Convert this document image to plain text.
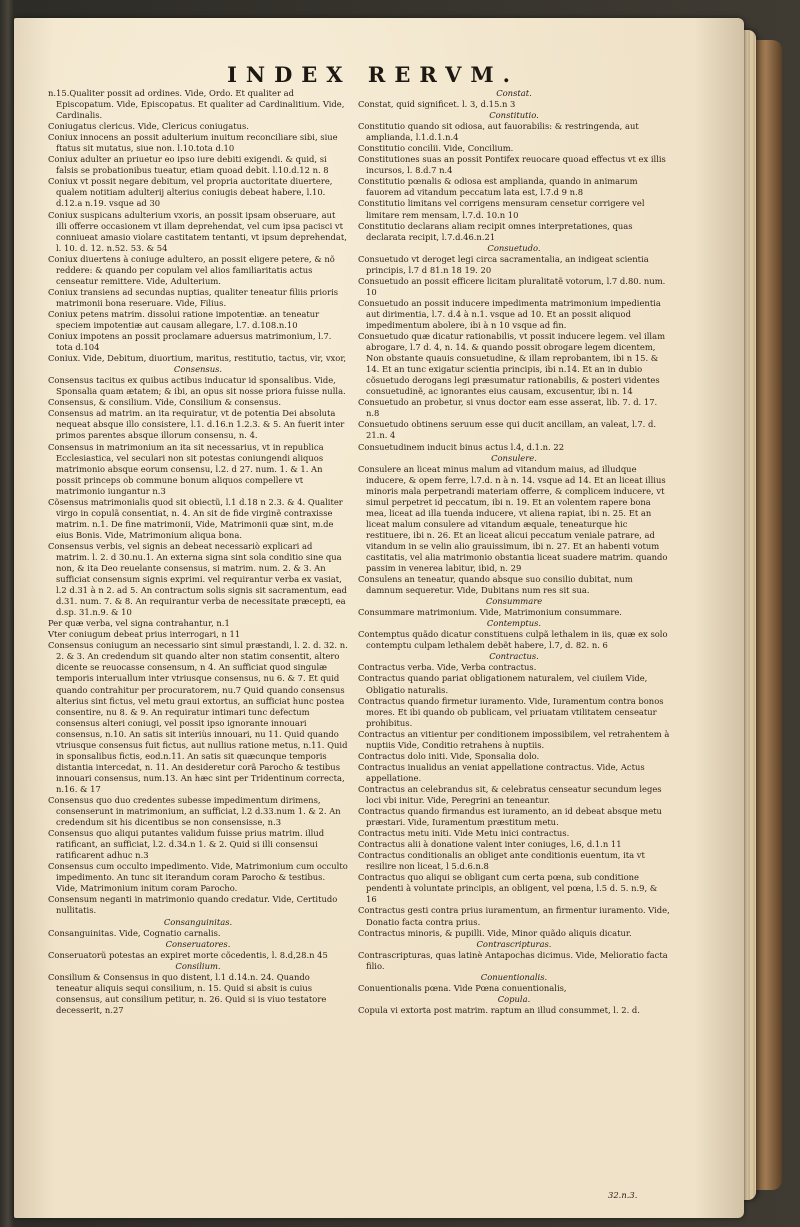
INDEX RERVM.

n.15.Qualiter possit ad ordines. Vide, Ordo. Et qualiter ad Episcopatum. Vide, Episcopatus. Et qualiter ad Cardinalitium. Vide, Cardinalis.

Coniugatus clericus. Vide, Clericus coniugatus.

Coniux innocens an possit adulterium inuitum reconciliare sibi, siue ftatus sit mutatus, siue non. l.10.tota d.10

Coniux adulter an priuetur eo ipso iure debiti exigendi. & quid, si falsis se probationibus tueatur, etiam quoad debit. l.10.d.12 n. 8

Coniux vt possit negare debitum, vel propria auctoritate diuertere, qualem notitiam adulterij alterius coniugis debeat habere, l.10. d.12.a n.19. vsque ad 30

Coniux suspicans adulterium vxoris, an possit ipsam obseruare, aut illi offerre occasionem vt illam deprehendat, vel cum ipsa pacisci vt conniueat amasio violare castitatem tentanti, vt ipsum deprehendat, l. 10. d. 12. n.52. 53. & 54

Coniux diuertens à coniuge adultero, an possit eligere petere, & nõ reddere: & quando per copulam vel alios familiaritatis actus censeatur remittere. Vide, Adulterium.

Coniux transiens ad secundas nuptias, qualiter teneatur filiis prioris matrimonii bona reseruare. Vide, Filius.

Coniux petens matrim. dissolui ratione impotentiæ. an teneatur speciem impotentiæ aut causam allegare, l.7. d.108.n.10

Coniux impotens an possit proclamare aduersus matrimonium, l.7. tota d.104

Coniux. Vide, Debitum, diuortium, maritus, restitutio, tactus, vir, vxor,

Consensus.

Consensus tacitus ex quibus actibus inducatur id sponsalibus. Vide, Sponsalia quam ætatem; & ibi, an opus sit nosse priora fuisse nulla.

Consensus, & consilium. Vide, Consilium & consensus.

Consensus ad matrim. an ita requiratur, vt de potentia Dei absoluta nequeat absque illo consistere, l.1. d.16.n 1.2.3. & 5. An fuerit inter primos parentes absque illorum consensu, n. 4.

Consensus in matrimonium an ita sit necessarius, vt in republica Ecclesiastica, vel seculari non sit potestas coniungendi aliquos matrimonio absque eorum consensu, l.2. d 27. num. 1. & 1. An possit princeps ob commune bonum aliquos compellere vt matrimonio iungantur n.3

Cõsensus matrimonialis quod sit obiectũ, l.1 d.18 n 2.3. & 4. Qualiter virgo in copulã consentiat, n. 4. An sit de fide virginẽ contraxisse matrim. n.1. De fine matrimonii, Vide, Matrimonii quæ sint, m.de eius Bonis. Vide, Matrimonium aliqua bona.

Consensus verbis, vel signis an debeat necessariò explicari ad matrim. l. 2. d 30.nu.1. An externa signa sint sola conditio sine qua non, & ita Deo reuelante consensus, si matrim. num. 2. & 3. An sufficiat consensum signis exprimi. vel requirantur verba ex vasiat, l.2 d.31 à n 2. ad 5. An contractum solis signis sit sacramentum, ead d.31. num. 7. & 8. An requirantur verba de necessitate præcepti, ea d.sp. 31.n.9. & 10

Per quæ verba, vel signa contrahantur, n.1

Vter coniugum debeat prius interrogari, n 11

Consensus coniugum an necessario sint simul præstandi, l. 2. d. 32. n. 2. & 3. An credendum sit quando alter non statim consentit, altero dicente se reuocasse consensum, n 4. An sufficiat quod singulæ temporis interuallum inter vtriusque consensus, nu 6. & 7. Et quid quando contrahitur per procuratorem, nu.7 Quid quando consensus alterius sint fictus, vel metu graui extortus, an sufficiat hunc postea consentire, nu 8. & 9. An requiratur intimari tunc defectum consensus alteri coniugi, vel possit ipso ignorante innouari consensus, n.10. An satis sit interiùs innouari, nu 11. Quid quando vtriusque consensus fuit fictus, aut nullius ratione metus, n.11. Quid in sponsalibus fictis, eod.n.11. An satis sit quæcunque temporis distantia intercedat, n. 11. An desideretur corã Parocho & testibus innouari consensus, num.13. An hæc sint per Tridentinum correcta, n.16. & 17

Consensus quo duo credentes subesse impedimentum dirimens, consenserunt in matrimonium, an sufficiat, l.2 d.33.num 1. & 2. An credendum sit his dicentibus se non consensisse, n.3

Consensus quo aliqui putantes validum fuisse prius matrim. illud ratificant, an sufficiat, l.2. d.34.n 1. & 2. Quid si illi consensui ratificarent adhuc n.3

Consensus cum occulto impedimento. Vide, Matrimonium cum occulto impedimento. An tunc sit iterandum coram Parocho & testibus. Vide, Matrimonium initum coram Parocho.

Consensum neganti in matrimonio quando credatur. Vide, Certitudo nullitatis.

Consanguinitas.

Consanguinitas. Vide, Cognatio carnalis.

Conseruatores.

Conseruatorũ potestas an expiret morte cõcedentis, l. 8.d,28.n 45

Consilium.

Consilium & Consensus in quo distent, l.1 d.14.n. 24. Quando teneatur aliquis sequi consilium, n. 15. Quid si absit is cuius consensus, aut consilium petitur, n. 26. Quid si is viuo testatore decesserit, n.27

Constat.

Constat, quid significet. l. 3, d.15.n 3

Constitutio.

Constitutio quando sit odiosa, aut fauorabilis: & restringenda, aut amplianda, l.1.d.1.n.4

Constitutio concilii. Vide, Concilium.

Constitutiones suas an possit Pontifex reuocare quoad effectus vt ex illis incursos, l. 8.d.7 n.4

Constitutio pœnalis & odiosa est amplianda, quando in animarum fauorem ad vitandum peccatum lata est, l.7.d 9 n.8

Constitutio limitans vel corrigens mensuram censetur corrigere vel limitare rem mensam, l.7.d. 10.n 10

Constitutio declarans aliam recipit omnes interpretationes, quas declarata recipit, l.7.d.46.n.21

Consuetudo.

Consuetudo vt deroget legi circa sacramentalia, an indigeat scientia principis, l.7 d 81.n 18 19. 20

Consuetudo an possit efficere licitam pluralitatẽ votorum, l.7 d.80. num. 10

Consuetudo an possit inducere impedimenta matrimonium impedientia aut dirimentia, l.7. d.4 à n.1. vsque ad 10. Et an possit aliquod impedimentum abolere, ibi à n 10 vsque ad fin.

Consuetudo quæ dicatur rationabilis, vt possit inducere legem. vel illam abrogare, l.7 d. 4, n. 14. & quando possit obrogare legem dicentem, Non obstante quauis consuetudine, & illam reprobantem, ibi n 15. & 14. Et an tunc exigatur scientia principis, ibi n.14. Et an in dubio cõsuetudo derogans legi præsumatur rationabilis, & posteri videntes consuetudinẽ, ac ignorantes eius causam, excusentur, ibi n. 14

Consuetudo an probetur, si vnus doctor eam esse asserat, lib. 7. d. 17. n.8

Consuetudo obtinens seruum esse qui ducit ancillam, an valeat, l.7. d. 21.n. 4

Consuetudinem inducit binus actus l.4, d.1.n. 22

Consulere.

Consulere an liceat minus malum ad vitandum maius, ad illudque inducere, & opem ferre, l.7.d. n à n. 14. vsque ad 14. Et an liceat illius minoris mala perpetrandi materiam offerre, & complicem inducere, vt simul perpetret id peccatum, ibi n. 19. Et an volentem rapere bona mea, liceat ad illa tuenda inducere, vt aliena rapiat, ibi n. 25. Et an liceat malum consulere ad vitandum æquale, teneaturque hic restituere, ibi n. 26. Et an liceat alicui peccatum veniale patrare, ad vitandum in se velin alio grauissimum, ibi n. 27. Et an habenti votum castitatis, vel alia matrimonio obstantia liceat suadere matrim. quando passim in venerea labitur, ibid, n. 29

Consulens an teneatur, quando absque suo consilio dubitat, num damnum sequeretur. Vide, Dubitans num res sit sua.

Consummare

Consummare matrimonium. Vide, Matrimonium consummare.

Contemptus.

Contemptus quãdo dicatur constituens culpã lethalem in iis, quæ ex solo contemptu culpam lethalem debẽt habere, l.7, d. 82. n. 6

Contractus.

Contractus verba. Vide, Verba contractus.

Contractus quando pariat obligationem naturalem, vel ciuilem Vide, Obligatio naturalis.

Contractus quando firmetur iuramento. Vide, Iuramentum contra bonos mores. Et ibi quando ob publicam, vel priuatam vtilitatem censeatur prohibitus.

Contractus an vitientur per conditionem impossibilem, vel retrahentem à nuptiis Vide, Conditio retrahens à nuptiis.

Contractus dolo initi. Vide, Sponsalia dolo.

Contractus inualidus an veniat appellatione contractus. Vide, Actus appellatione.

Contractus an celebrandus sit, & celebratus censeatur secundum leges loci vbi initur. Vide, Peregrini an teneantur.

Contractus quando firmandus est iuramento, an id debeat absque metu præstari. Vide, Iuramentum præstitum metu.

Contractus metu initi. Vide Metu inici contractus.

Contractus alii à donatione valent inter coniuges, l.6, d.1.n 11

Contractus conditionalis an obliget ante conditionis euentum, ita vt resilire non liceat, l 5.d.6.n.8

Contractus quo aliqui se obligant cum certa pœna, sub conditione pendenti à voluntate principis, an obligent, vel pœna, l.5 d. 5. n.9, & 16

Contractus gesti contra prius iuramentum, an firmentur iuramento. Vide, Donatio facta contra prius.

Contractus minoris, & pupilli. Vide, Minor quãdo aliquis dicatur.

Contrascripturas.

Contrascripturas, quas latinè Antapochas dicimus. Vide, Melioratio facta filio.

Conuentionalis.

Conuentionalis pœna. Vide Pœna conuentionalis,

Copula.

Copula vi extorta post matrim. raptum an illud consummet, l. 2. d.

32.n.3.
